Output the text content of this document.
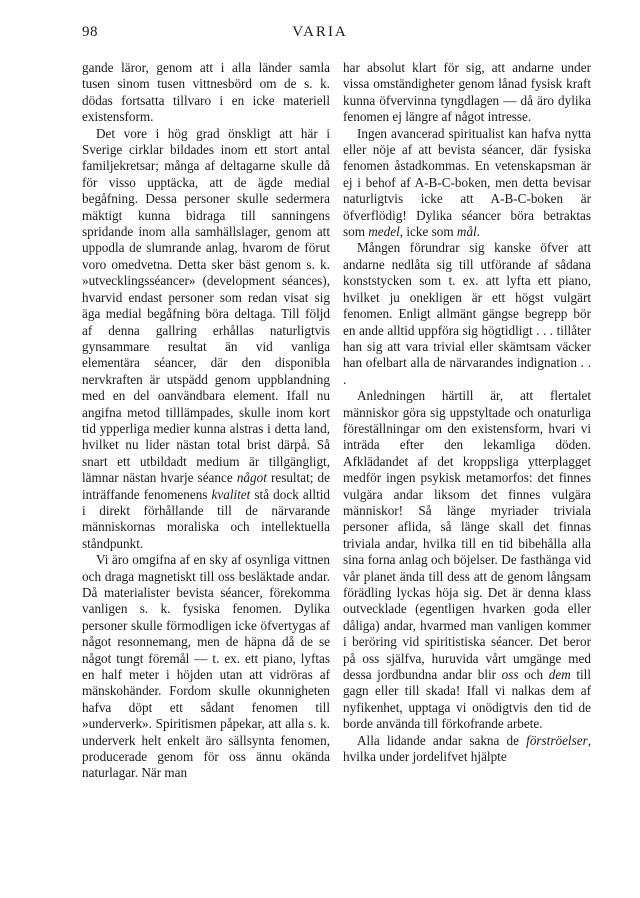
98	VARIA

gande läror, genom att i alla länder samla tusen sinom tusen vittnesbörd om de s. k. dödas fortsatta tillvaro i en icke materiell existensform.

Det vore i hög grad önskligt att här i Sverige cirklar bildades inom ett stort antal familjekretsar; många af deltagarne skulle då för visso upptäcka, att de ägde medial begåfning. Dessa personer skulle sedermera mäktigt kunna bidraga till sanningens spridande inom alla samhällslager, genom att uppodla de slumrande anlag, hvarom de förut voro omedvetna. Detta sker bäst genom s. k. »utvecklingsséancer» (development séances), hvarvid endast personer som redan visat sig äga medial begåfning böra deltaga. Till följd af denna gallring erhållas naturligtvis gynsammare resultat än vid vanliga elementära séancer, där den disponibla nervkraften är utspädd genom uppblandning med en del oanvändbara element. Ifall nu angifna metod tilllämpades, skulle inom kort tid ypperliga medier kunna alstras i detta land, hvilket nu lider nästan total brist därpå. Så snart ett utbildadt medium är tillgängligt, lämnar nästan hvarje séance något resultat; de inträffande fenomenens kvalitet stå dock alltid i direkt förhållande till de närvarande människornas moraliska och intellektuella ståndpunkt.

Vi äro omgifna af en sky af osynliga vittnen och draga magnetiskt till oss besläktade andar. Då materialister bevista séancer, förekomma vanligen s. k. fysiska fenomen. Dylika personer skulle förmodligen icke öfvertygas af något resonnemang, men de häpna då de se något tungt föremål — t. ex. ett piano, lyftas en half meter i höjden utan att vidröras af mänskohänder. Fordom skulle okunnigheten hafva döpt ett sådant fenomen till »underverk». Spiritismen påpekar, att alla s. k. underverk helt enkelt äro sällsynta fenomen, producerade genom för oss ännu okända naturlagar. När man

har absolut klart för sig, att andarne under vissa omständigheter genom lånad fysisk kraft kunna öfvervinna tyngdlagen — då äro dylika fenomen ej längre af något intresse.

Ingen avancerad spiritualist kan hafva nytta eller nöje af att bevista séancer, där fysiska fenomen åstadkommas. En vetenskapsman är ej i behof af A-B-C-boken, men detta bevisar naturligtvis icke att A-B-C-boken är öfverflödig! Dylika séancer böra betraktas som medel, icke som mål.

Mången förundrar sig kanske öfver att andarne nedlåta sig till utförande af sådana konststycken som t. ex. att lyfta ett piano, hvilket ju onekligen är ett högst vulgärt fenomen. Enligt allmänt gängse begrepp bör en ande alltid uppföra sig högtidligt . . . tillåter han sig att vara trivial eller skämtsam väcker han ofelbart alla de närvarandes indignation . . .

Anledningen härtill är, att flertalet människor göra sig uppstyltade och onaturliga föreställningar om den existensform, hvari vi inträda efter den lekamliga döden. Afklädandet af det kroppsliga ytterplagget medför ingen psykisk metamorfos: det finnes vulgära andar liksom det finnes vulgära människor! Så länge myriader triviala personer aflida, så länge skall det finnas triviala andar, hvilka till en tid bibehålla alla sina forna anlag och böjelser. De fasthänga vid vår planet ända till dess att de genom långsam förädling lyckas höja sig. Det är denna klass outvecklade (egentligen hvarken goda eller dåliga) andar, hvarmed man vanligen kommer i beröring vid spiritistiska séancer. Det beror på oss själfva, huruvida vårt umgänge med dessa jordbundna andar blir oss och dem till gagn eller till skada! Ifall vi nalkas dem af nyfikenhet, upptaga vi onödigtvis den tid de borde använda till förkofrande arbete.

Alla lidande andar sakna de förströelser, hvilka under jordelifvet hjälpte
